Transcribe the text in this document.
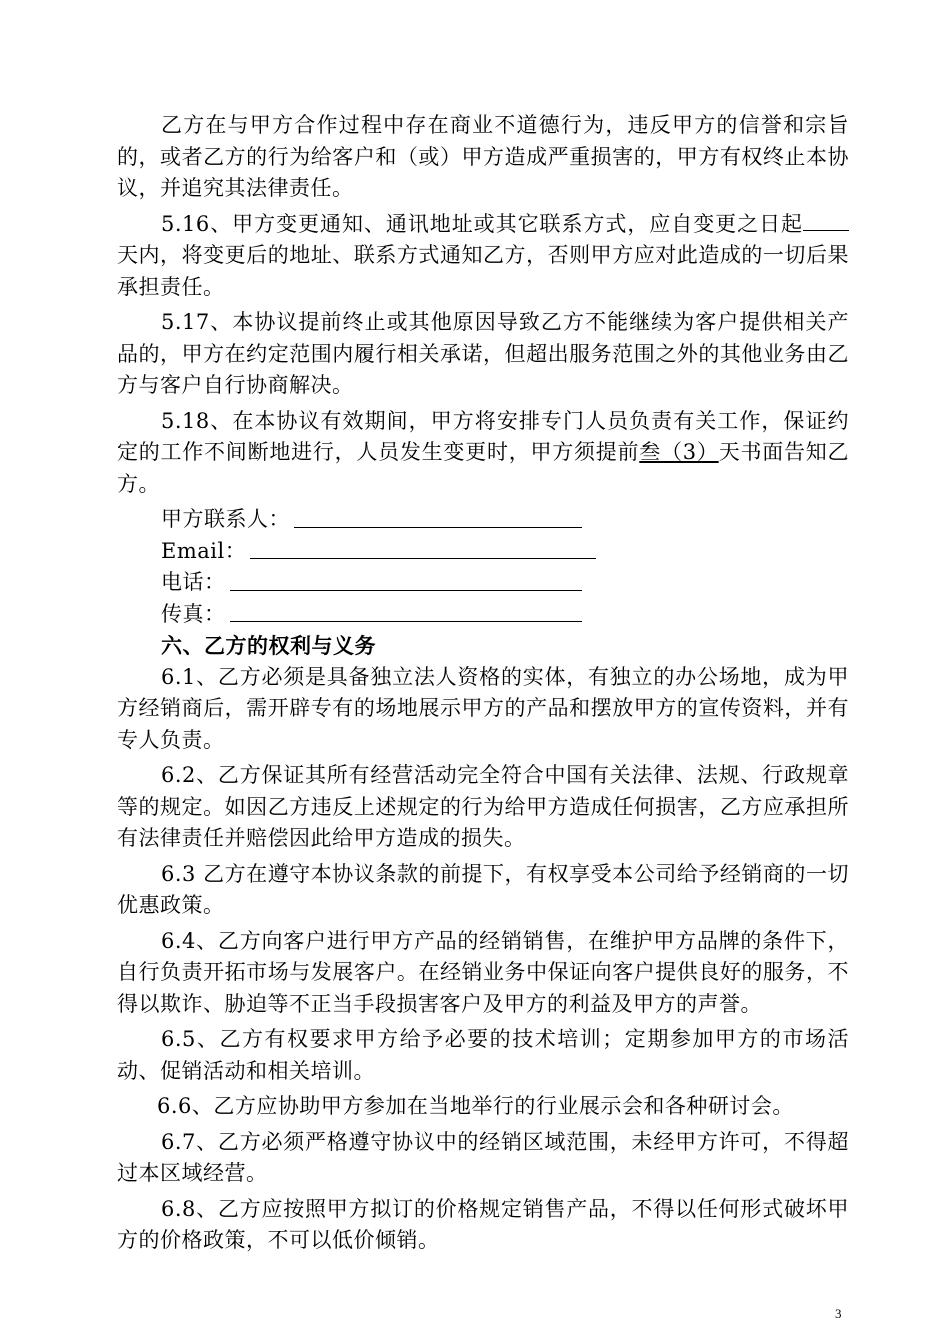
乙方在与甲方合作过程中存在商业不道德行为，违反甲方的信誉和宗旨的，或者乙方的行为给客户和（或）甲方造成严重损害的，甲方有权终止本协议，并追究其法律责任。

5.16、甲方变更通知、通讯地址或其它联系方式，应自变更之日起天内，将变更后的地址、联系方式通知乙方，否则甲方应对此造成的一切后果承担责任。

5.17、本协议提前终止或其他原因导致乙方不能继续为客户提供相关产品的，甲方在约定范围内履行相关承诺，但超出服务范围之外的其他业务由乙方与客户自行协商解决。

5.18、在本协议有效期间，甲方将安排专门人员负责有关工作，保证约定的工作不间断地进行，人员发生变更时，甲方须提前叁（3）天书面告知乙方。

甲方联系人：
Email：
电话：
传真：

六、乙方的权利与义务

6.1、乙方必须是具备独立法人资格的实体，有独立的办公场地，成为甲方经销商后，需开辟专有的场地展示甲方的产品和摆放甲方的宣传资料，并有专人负责。

6.2、乙方保证其所有经营活动完全符合中国有关法律、法规、行政规章等的规定。如因乙方违反上述规定的行为给甲方造成任何损害，乙方应承担所有法律责任并赔偿因此给甲方造成的损失。

6.3 乙方在遵守本协议条款的前提下，有权享受本公司给予经销商的一切优惠政策。

6.4、乙方向客户进行甲方产品的经销销售，在维护甲方品牌的条件下，自行负责开拓市场与发展客户。在经销业务中保证向客户提供良好的服务，不得以欺诈、胁迫等不正当手段损害客户及甲方的利益及甲方的声誉。

6.5、乙方有权要求甲方给予必要的技术培训；定期参加甲方的市场活动、促销活动和相关培训。

6.6、乙方应协助甲方参加在当地举行的行业展示会和各种研讨会。

6.7、乙方必须严格遵守协议中的经销区域范围，未经甲方许可，不得超过本区域经营。

6.8、乙方应按照甲方拟订的价格规定销售产品，不得以任何形式破坏甲方的价格政策，不可以低价倾销。

3
